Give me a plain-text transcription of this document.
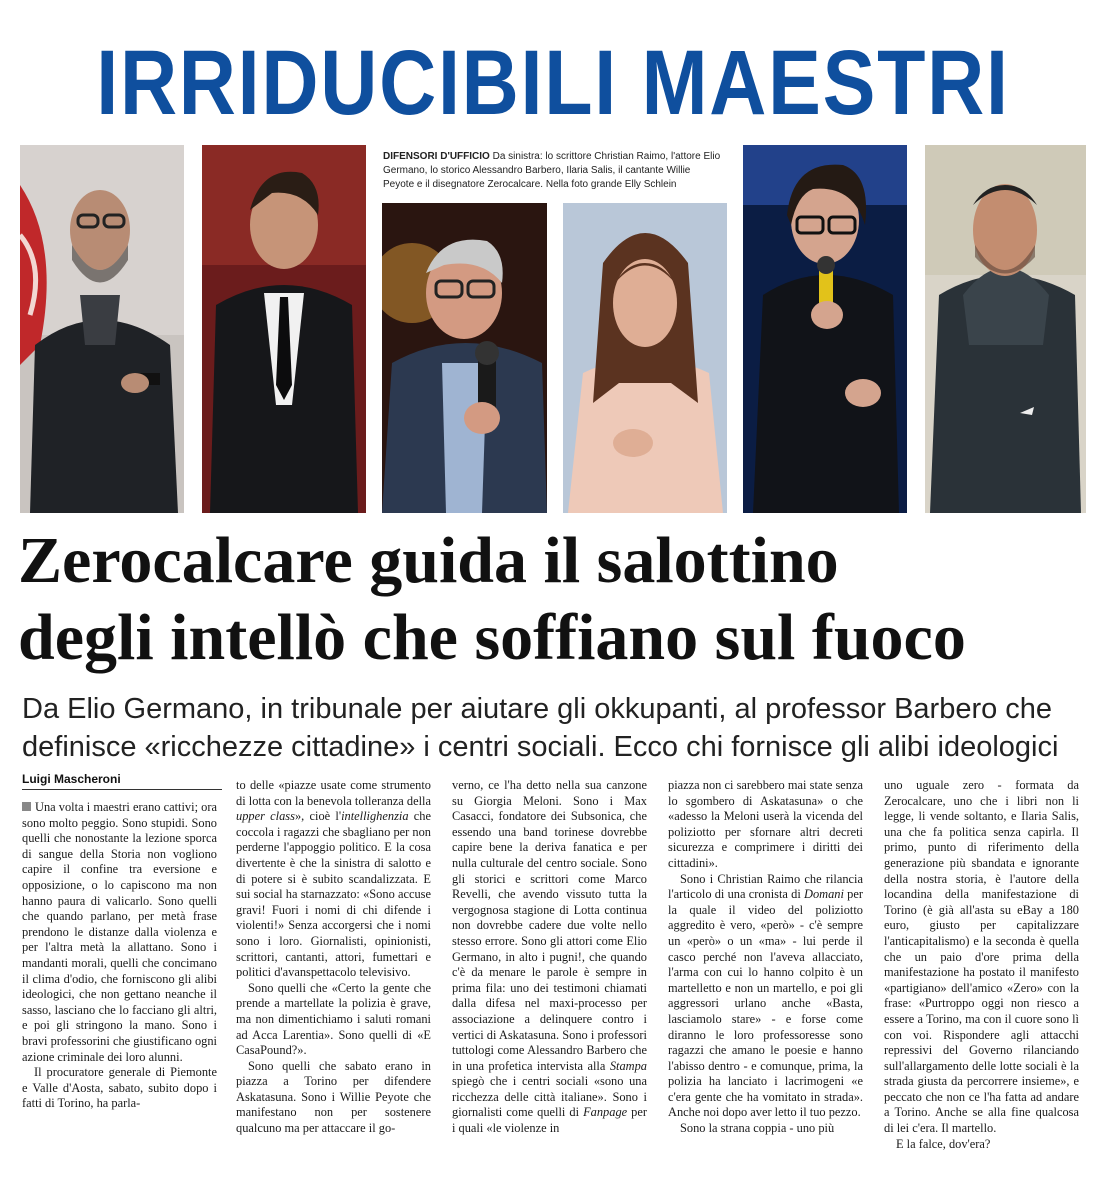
IRRIDUCIBILI MAESTRI
DIFENSORI D'UFFICIO Da sinistra: lo scrittore Christian Raimo, l'attore Elio Germano, lo storico Alessandro Barbero, Ilaria Salis, il cantante Willie Peyote e il disegnatore Zerocalcare. Nella foto grande Elly Schlein
Zerocalcare guida il salottino
degli intellò che soffiano sul fuoco
Da Elio Germano, in tribunale per aiutare gli okkupanti, al professor Barbero che definisce «ricchezze cittadine» i centri sociali. Ecco chi fornisce gli alibi ideologici
Luigi Mascheroni

Una volta i maestri erano cattivi; ora sono molto peggio. Sono stupidi. Sono quelli che nonostante la lezione sporca di sangue della Storia non vogliono capire il confine tra eversione e opposizione, o lo capiscono ma non hanno paura di valicarlo. Sono quelli che quando parlano, per metà frase prendono le distanze dalla violenza e per l'altra metà la allattano. Sono i mandanti morali, quelli che concimano il clima d'odio, che forniscono gli alibi ideologici, che non gettano neanche il sasso, lasciano che lo facciano gli altri, e poi gli stringono la mano. Sono i bravi professorini che giustificano ogni azione criminale dei loro alunni.

Il procuratore generale di Piemonte e Valle d'Aosta, sabato, subito dopo i fatti di Torino, ha parla-

to delle «piazze usate come strumento di lotta con la benevola tolleranza della upper class», cioè l'intellighenzia che coccola i ragazzi che sbagliano per non perderne l'appoggio politico. E la cosa divertente è che la sinistra di salotto e di potere si è subito scandalizzata. E sui social ha starnazzato: «Sono accuse gravi! Fuori i nomi di chi difende i violenti!» Senza accorgersi che i nomi sono i loro. Giornalisti, opinionisti, scrittori, cantanti, attori, fumettari e politici d'avanspettacolo televisivo.

Sono quelli che «Certo la gente che prende a martellate la polizia è grave, ma non dimentichiamo i saluti romani ad Acca Larentia». Sono quelli di «E CasaPound?».

Sono quelli che sabato erano in piazza a Torino per difendere Askatasuna. Sono i Willie Peyote che manifestano non per sostenere qualcuno ma per attaccare il go-

verno, ce l'ha detto nella sua canzone su Giorgia Meloni. Sono i Max Casacci, fondatore dei Subsonica, che essendo una band torinese dovrebbe capire bene la deriva fanatica e per nulla culturale del centro sociale. Sono gli storici e scrittori come Marco Revelli, che avendo vissuto tutta la vergognosa stagione di Lotta continua non dovrebbe cadere due volte nello stesso errore. Sono gli attori come Elio Germano, in alto i pugni!, che quando c'è da menare le parole è sempre in prima fila: uno dei testimoni chiamati dalla difesa nel maxi-processo per associazione a delinquere contro i vertici di Askatasuna. Sono i professori tuttologi come Alessandro Barbero che in una profetica intervista alla Stampa spiegò che i centri sociali «sono una ricchezza delle città italiane». Sono i giornalisti come quelli di Fanpage per i quali «le violenze in

piazza non ci sarebbero mai state senza lo sgombero di Askatasuna» o che «adesso la Meloni userà la vicenda del poliziotto per sfornare altri decreti sicurezza e comprimere i diritti dei cittadini».

Sono i Christian Raimo che rilancia l'articolo di una cronista di Domani per la quale il video del poliziotto aggredito è vero, «però» - c'è sempre un «però» o un «ma» - lui perde il casco perché non l'aveva allacciato, l'arma con cui lo hanno colpito è un martelletto e non un martello, e poi gli aggressori urlano anche «Basta, lasciamolo stare» - e forse come diranno le loro professoresse sono ragazzi che amano le poesie e hanno l'abisso dentro - e comunque, prima, la polizia ha lanciato i lacrimogeni «e c'era gente che ha vomitato in strada». Anche noi dopo aver letto il tuo pezzo.

Sono la strana coppia - uno più

uno uguale zero - formata da Zerocalcare, uno che i libri non li legge, li vende soltanto, e Ilaria Salis, una che fa politica senza capirla. Il primo, punto di riferimento della generazione più sbandata e ignorante della nostra storia, è l'autore della locandina della manifestazione di Torino (è già all'asta su eBay a 180 euro, giusto per capitalizzare l'anticapitalismo) e la seconda è quella che un paio d'ore prima della manifestazione ha postato il manifesto «partigiano» dell'amico «Zero» con la frase: «Purtroppo oggi non riesco a essere a Torino, ma con il cuore sono lì con voi. Rispondere agli attacchi repressivi del Governo rilanciando sull'allargamento delle lotte sociali è la strada giusta da percorrere insieme», e peccato che non ce l'ha fatta ad andare a Torino. Anche se alla fine qualcosa di lei c'era. Il martello.

E la falce, dov'era?
